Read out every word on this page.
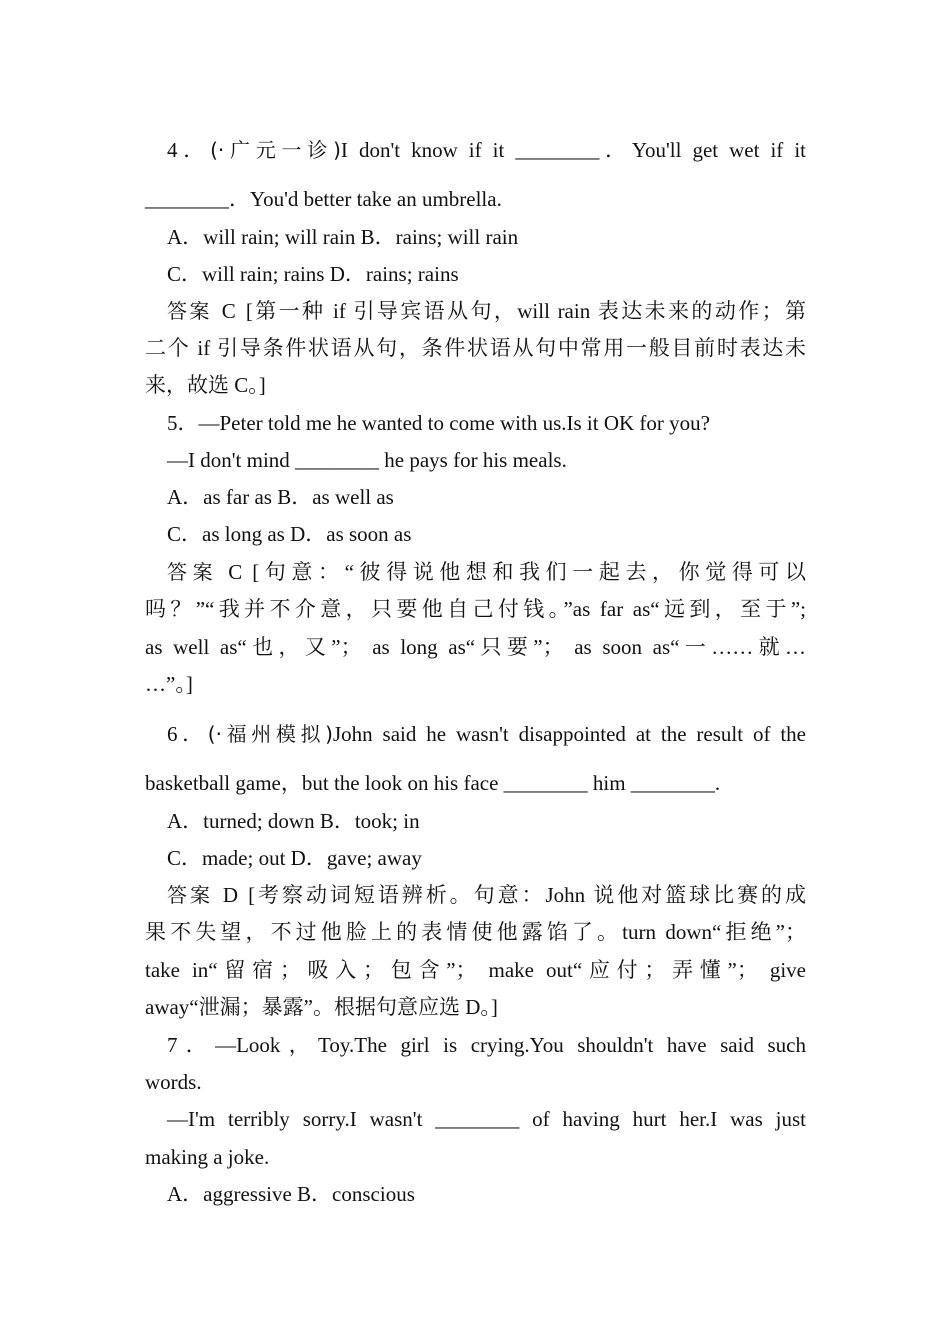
4．(·广元一诊)I don't know if it ________．You'll get wet if it
________．You'd better take an umbrella.
A．will rain; will rain B．rains; will rain
C．will rain; rains D．rains; rains
答案 C [第一种 if 引导宾语从句，will rain 表达未来的动作；第
二个 if 引导条件状语从句，条件状语从句中常用一般目前时表达未
来，故选 C。]
5．—Peter told me he wanted to come with us.Is it OK for you?
—I don't mind ________ he pays for his meals.
A．as far as B．as well as
C．as long as D．as soon as
答案 C [句意：“彼得说他想和我们一起去，你觉得可以
吗？”“我并不介意，只要他自己付钱。”as far as“远到，至于”;
as well as“也，又”； as long as“只要”； as soon as“一……就…
…”。]
6．(·福州模拟)John said he wasn't disappointed at the result of the
basketball game，but the look on his face ________ him ________.
A．turned; down B．took; in
C．made; out D．gave; away
答案 D [考察动词短语辨析。句意：John 说他对篮球比赛的成
果不失望，不过他脸上的表情使他露馅了。turn down“拒绝”；
take in“留宿；吸入；包含”； make out“应付；弄懂”； give
away“泄漏；暴露”。根据句意应选 D。]
7．—Look，Toy.The girl is crying.You shouldn't have said such
words.
—I'm terribly sorry.I wasn't ________ of having hurt her.I was just
making a joke.
A．aggressive B．conscious
